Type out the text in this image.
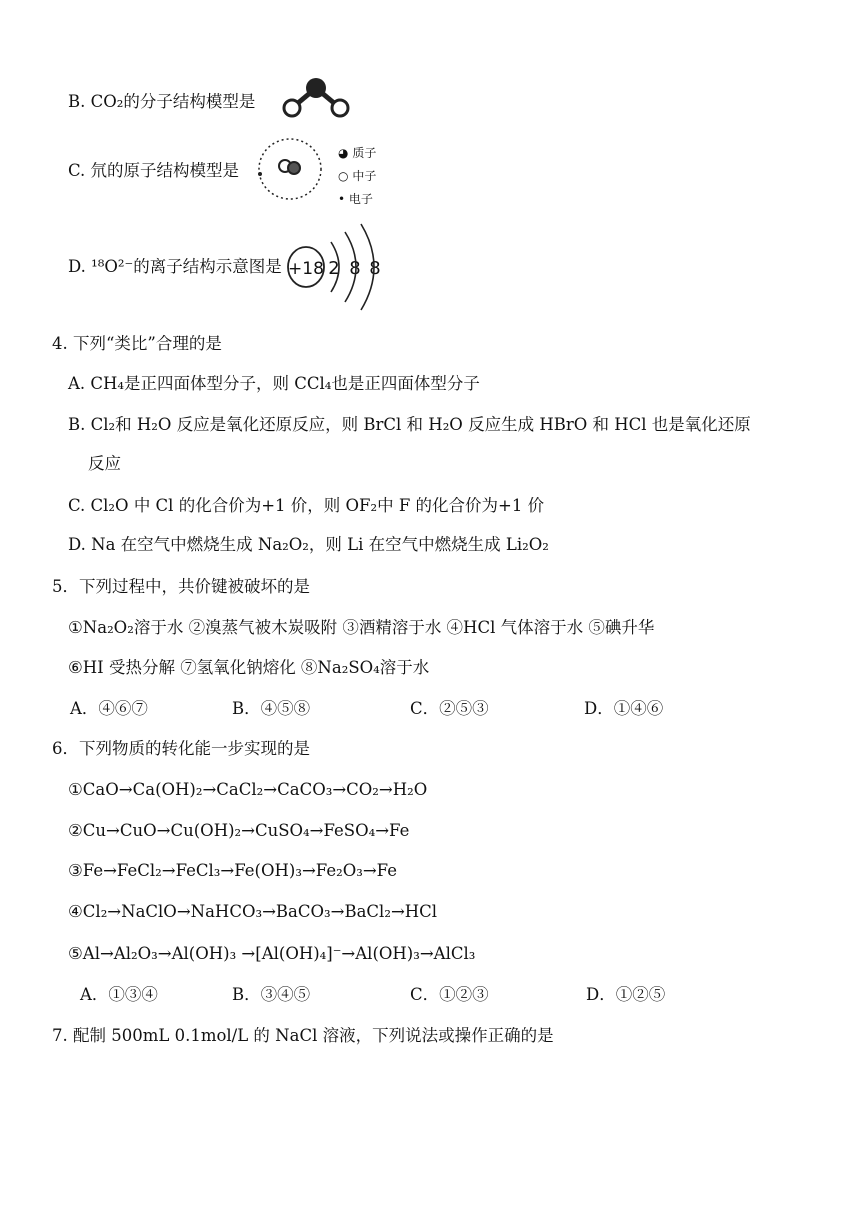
B. CO₂的分子结构模型是
C. 氘的原子结构模型是
◕ 质子
○ 中子
• 电子
D. ¹⁸O²⁻的离子结构示意图是 +18 2 8 8
4. 下列“类比”合理的是
A. CH₄是正四面体型分子，则 CCl₄也是正四面体型分子
B. Cl₂和 H₂O 反应是氧化还原反应，则 BrCl 和 H₂O 反应生成 HBrO 和 HCl 也是氧化还原
反应
C. Cl₂O 中 Cl 的化合价为+1 价，则 OF₂中 F 的化合价为+1 价
D. Na 在空气中燃烧生成 Na₂O₂，则 Li 在空气中燃烧生成 Li₂O₂
5．下列过程中，共价键被破坏的是
①Na₂O₂溶于水 ②溴蒸气被木炭吸附 ③酒精溶于水 ④HCl 气体溶于水 ⑤碘升华
⑥HI 受热分解 ⑦氢氧化钠熔化 ⑧Na₂SO₄溶于水
A．④⑥⑦	B．④⑤⑧	C．②⑤③	D．①④⑥
6．下列物质的转化能一步实现的是
①CaO→Ca(OH)₂→CaCl₂→CaCO₃→CO₂→H₂O
②Cu→CuO→Cu(OH)₂→CuSO₄→FeSO₄→Fe
③Fe→FeCl₂→FeCl₃→Fe(OH)₃→Fe₂O₃→Fe
④Cl₂→NaClO→NaHCO₃→BaCO₃→BaCl₂→HCl
⑤Al→Al₂O₃→Al(OH)₃ →[Al(OH)₄]⁻→Al(OH)₃→AlCl₃
A．①③④	B．③④⑤	C．①②③	D．①②⑤
7. 配制 500mL 0.1mol/L 的 NaCl 溶液，下列说法或操作正确的是
